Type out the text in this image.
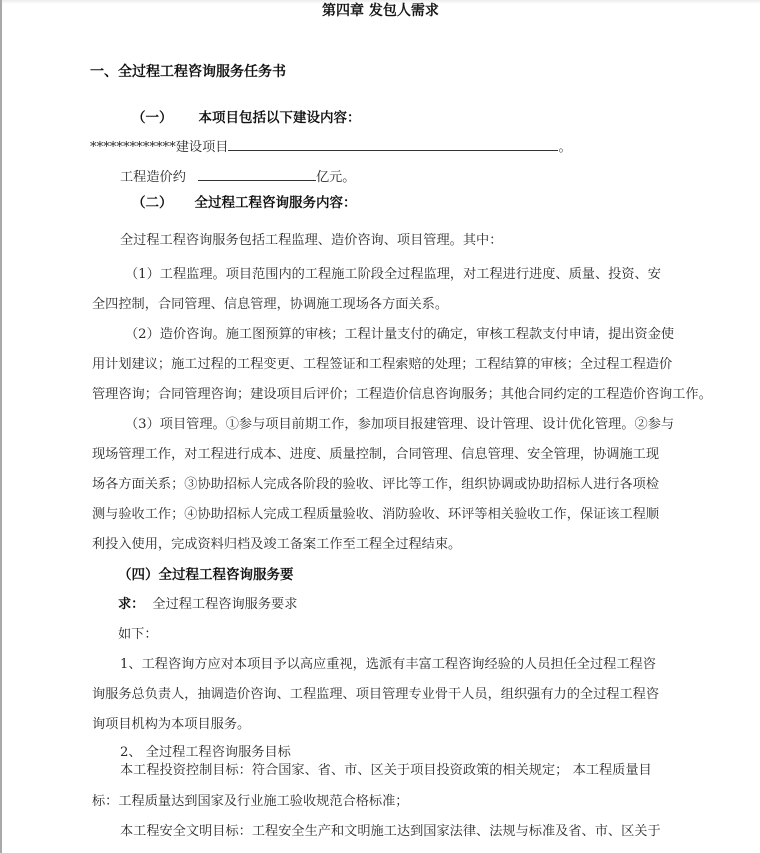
第四章 发包人需求
一、全过程工程咨询服务任务书
（一） 本项目包括以下建设内容：
*************建设项目	。
工程造价约	亿元。
（二） 全过程工程咨询服务内容：
全过程工程咨询服务包括工程监理、造价咨询、项目管理。其中：
（1）工程监理。项目范围内的工程施工阶段全过程监理，对工程进行进度、质量、投资、安
全四控制，合同管理、信息管理，协调施工现场各方面关系。
（2）造价咨询。施工图预算的审核；工程计量支付的确定，审核工程款支付申请，提出资金使
用计划建议；施工过程的工程变更、工程签证和工程索赔的处理；工程结算的审核；全过程工程造价
管理咨询；合同管理咨询；建设项目后评价；工程造价信息咨询服务；其他合同约定的工程造价咨询工作。
（3）项目管理。①参与项目前期工作，参加项目报建管理、设计管理、设计优化管理。②参与
现场管理工作，对工程进行成本、进度、质量控制，合同管理、信息管理、安全管理，协调施工现
场各方面关系；③协助招标人完成各阶段的验收、评比等工作，组织协调或协助招标人进行各项检
测与验收工作；④协助招标人完成工程质量验收、消防验收、环评等相关验收工作，保证该工程顺
利投入使用，完成资料归档及竣工备案工作至工程全过程结束。
（四）全过程工程咨询服务要
求： 全过程工程咨询服务要求
如下：
1、工程咨询方应对本项目予以高应重视，选派有丰富工程咨询经验的人员担任全过程工程咨
询服务总负责人，抽调造价咨询、工程监理、项目管理专业骨干人员，组织强有力的全过程工程咨
询项目机构为本项目服务。
2、 全过程工程咨询服务目标
本工程投资控制目标：符合国家、省、市、区关于项目投资政策的相关规定； 本工程质量目
标：工程质量达到国家及行业施工验收规范合格标准；
本工程安全文明目标：工程安全生产和文明施工达到国家法律、法规与标准及省、市、区关于
